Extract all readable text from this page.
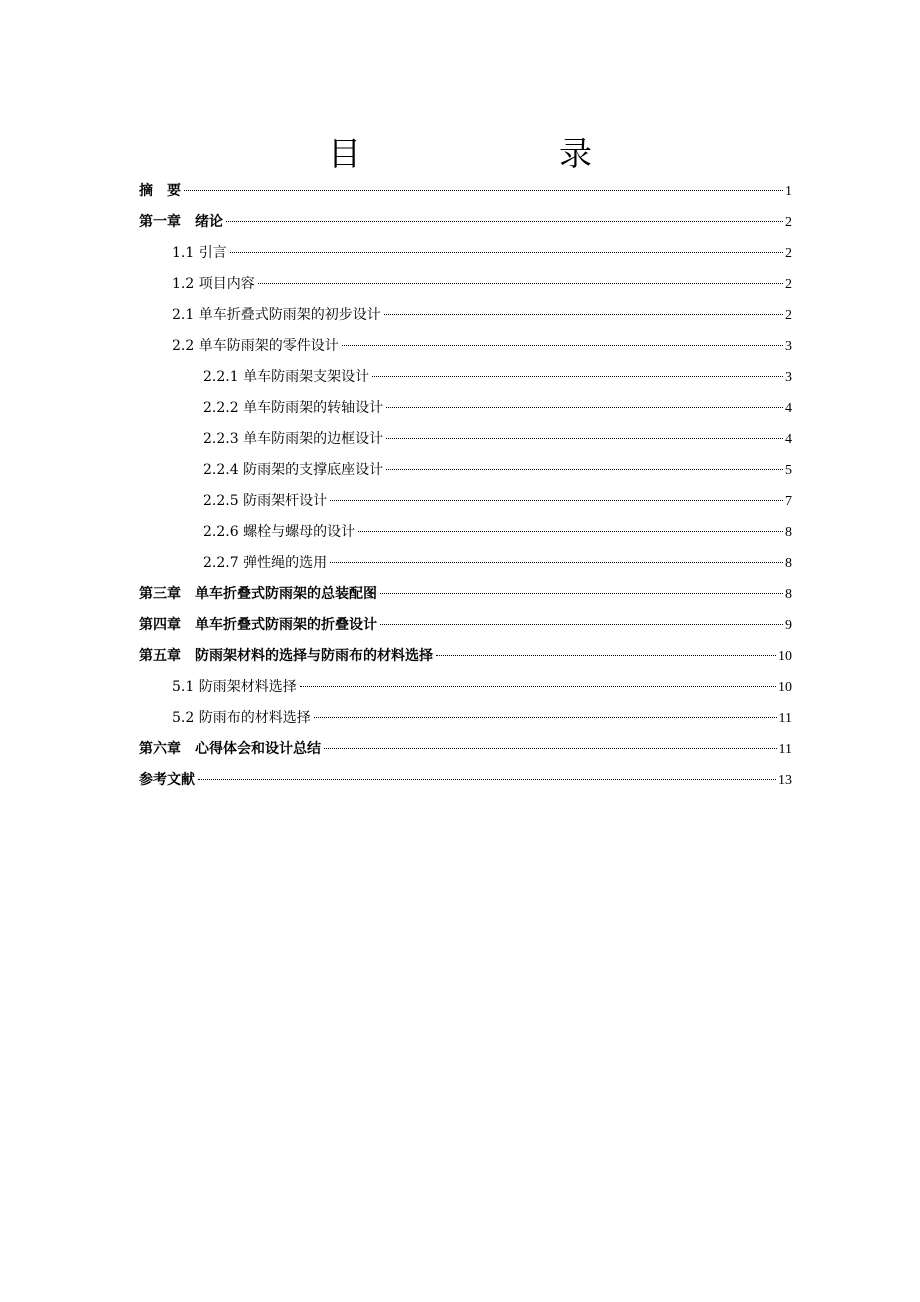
目　　录
摘　要	1
第一章　绪论	2
1.1 引言	2
1.2 项目内容	2
2.1 单车折叠式防雨架的初步设计	2
2.2 单车防雨架的零件设计	3
2.2.1 单车防雨架支架设计	3
2.2.2 单车防雨架的转轴设计	4
2.2.3 单车防雨架的边框设计	4
2.2.4 防雨架的支撑底座设计	5
2.2.5 防雨架杆设计	7
2.2.6 螺栓与螺母的设计	8
2.2.7 弹性绳的选用	8
第三章　单车折叠式防雨架的总装配图	8
第四章　单车折叠式防雨架的折叠设计	9
第五章　防雨架材料的选择与防雨布的材料选择	10
5.1 防雨架材料选择	10
5.2 防雨布的材料选择	11
第六章　心得体会和设计总结	11
参考文献	13
